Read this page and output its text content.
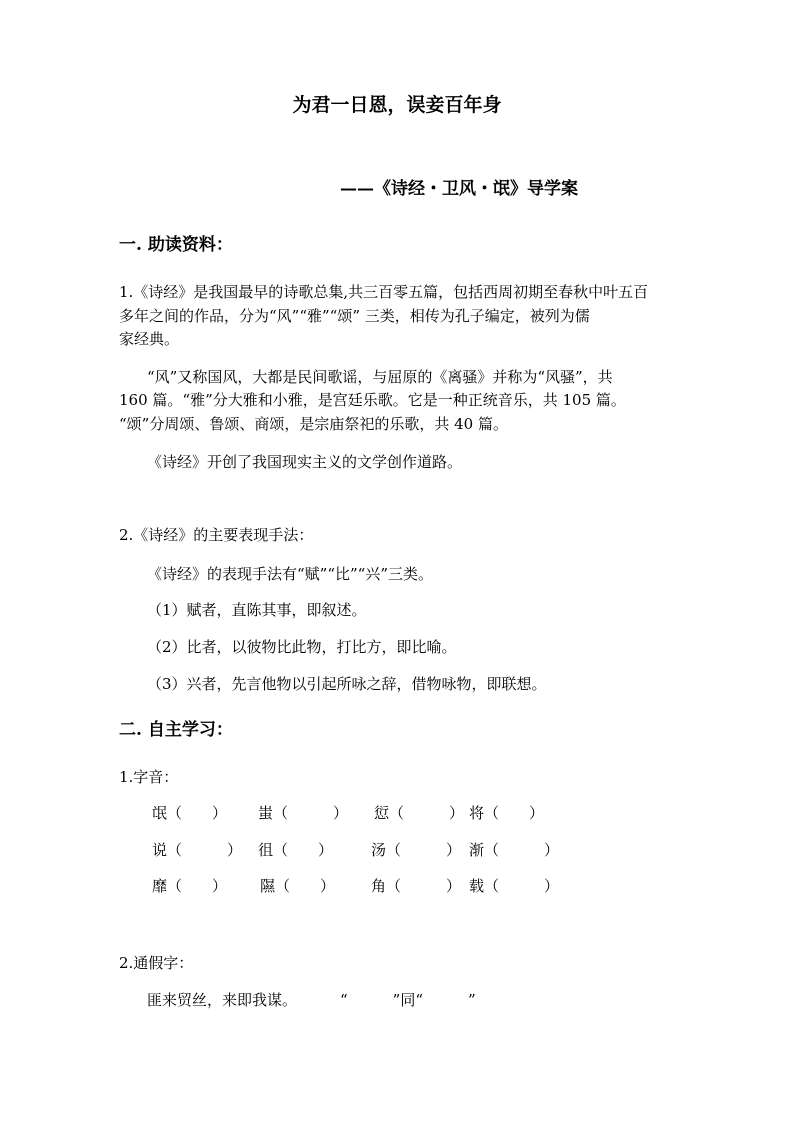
为君一日恩，误妾百年身
——《诗经・卫风・氓》导学案
一. 助读资料：
1.《诗经》是我国最早的诗歌总集,共三百零五篇，包括西周初期至春秋中叶五百
多年之间的作品，分为“风”“雅”“颂” 三类，相传为孔子编定，被列为儒
家经典。
“风”又称国风，大都是民间歌谣，与屈原的《离骚》并称为“风骚”，共
160 篇。“雅”分大雅和小雅，是宫廷乐歌。它是一种正统音乐，共 105 篇。
“颂”分周颂、鲁颂、商颂，是宗庙祭祀的乐歌，共 40 篇。
《诗经》开创了我国现实主义的文学创作道路。
2.《诗经》的主要表现手法：
《诗经》的表现手法有“赋”“比”“兴”三类。
（1）赋者，直陈其事，即叙述。
（2）比者，以彼物比此物，打比方，即比喻。
（3）兴者，先言他物以引起所咏之辞，借物咏物，即联想。
二. 自主学习：
1.字音：
氓（　　） 蚩（　　　） 愆（　　　） 将（　　）
说（　　　） 徂（　　）	汤（　　　） 渐（　　　）
靡（　　） 隰（　　） 角（　　　） 载（　　　）
2.通假字：
匪来贸丝，来即我谋。	“　　　”同“　　　”
